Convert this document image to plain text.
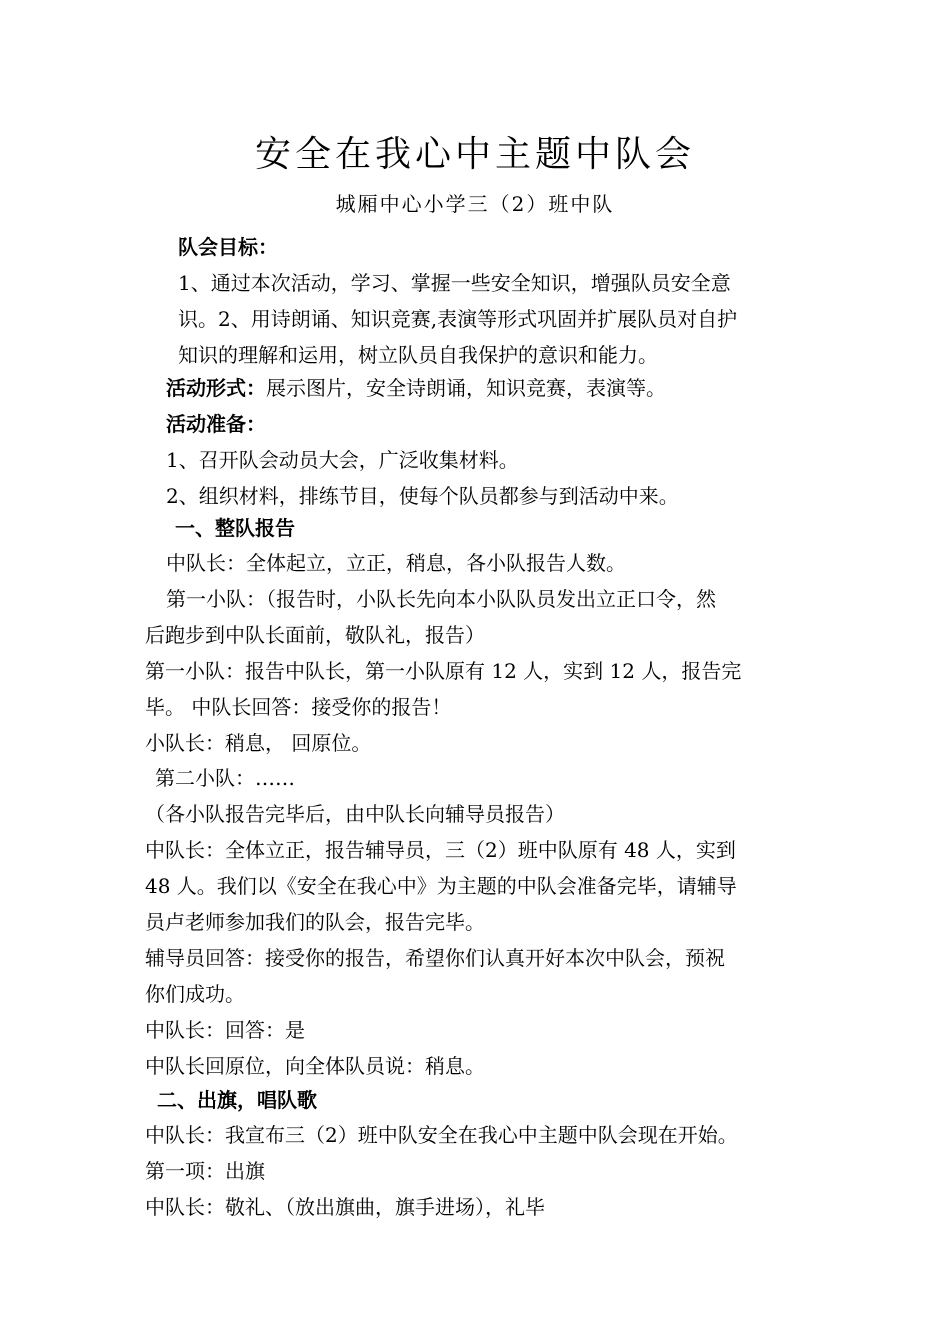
安全在我心中主题中队会
城厢中心小学三（2）班中队
队会目标：
1、通过本次活动，学习、掌握一些安全知识，增强队员安全意
识。2、用诗朗诵、知识竞赛,表演等形式巩固并扩展队员对自护
知识的理解和运用，树立队员自我保护的意识和能力。
活动形式：展示图片，安全诗朗诵，知识竞赛，表演等。
活动准备：
1、召开队会动员大会，广泛收集材料。
2、组织材料，排练节目，使每个队员都参与到活动中来。
一、整队报告
中队长：全体起立，立正，稍息，各小队报告人数。
第一小队：（报告时，小队长先向本小队队员发出立正口令，然
后跑步到中队长面前，敬队礼，报告）
第一小队：报告中队长，第一小队原有 12 人，实到 12 人，报告完
毕。 中队长回答：接受你的报告！
小队长：稍息， 回原位。
第二小队：……
（各小队报告完毕后，由中队长向辅导员报告）
中队长：全体立正，报告辅导员，三（2）班中队原有 48 人，实到
48 人。我们以《安全在我心中》为主题的中队会准备完毕，请辅导
员卢老师参加我们的队会，报告完毕。
辅导员回答：接受你的报告，希望你们认真开好本次中队会，预祝
你们成功。
中队长：回答：是
中队长回原位，向全体队员说：稍息。
二、出旗，唱队歌
中队长：我宣布三（2）班中队安全在我心中主题中队会现在开始。
第一项：出旗
中队长：敬礼、（放出旗曲，旗手进场），礼毕
